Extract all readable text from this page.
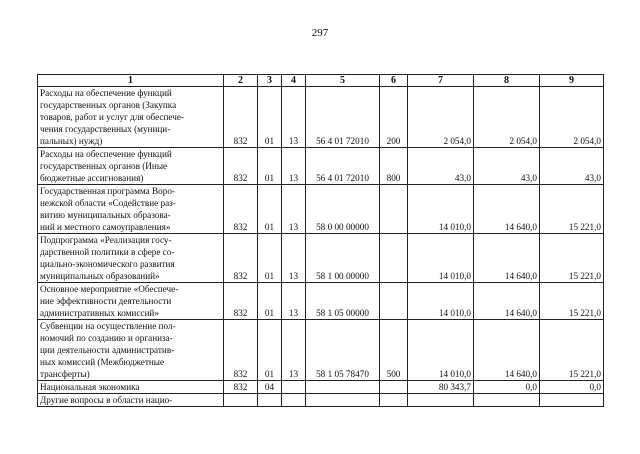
297
1	2	3	4	5	6	7	8	9
Расходы на обеспечение функций
государственных органов (Закупка
товаров, работ и услуг для обеспече-
чения государственных (муници-
пальных) нужд)	832	01	13	56 4 01 72010	200	2 054,0	2 054,0	2 054,0
Расходы на обеспечение функций
государственных органов (Иные
бюджетные ассигнования)	832	01	13	56 4 01 72010	800	43,0	43,0	43,0
Государственная программа Воро-
нежской области «Содействие раз-
витию муниципальных образова-
ний и местного самоуправления»	832	01	13	58 0 00 00000		14 010,0	14 640,0	15 221,0
Подпрограмма «Реализация госу-
дарственной политики в сфере со-
циально-экономического развития
муниципальных образований»	832	01	13	58 1 00 00000		14 010,0	14 640,0	15 221,0
Основное мероприятие «Обеспече-
ние эффективности деятельности
административных комиссий»	832	01	13	58 1 05 00000		14 010,0	14 640,0	15 221,0
Субвенции на осуществление пол-
номочий по созданию и организа-
ции деятельности административ-
ных комиссий (Межбюджетные
трансферты)	832	01	13	58 1 05 78470	500	14 010,0	14 640,0	15 221,0
Национальная экономика	832	04				80 343,7	0,0	0,0
Другие вопросы в области нацио-								
